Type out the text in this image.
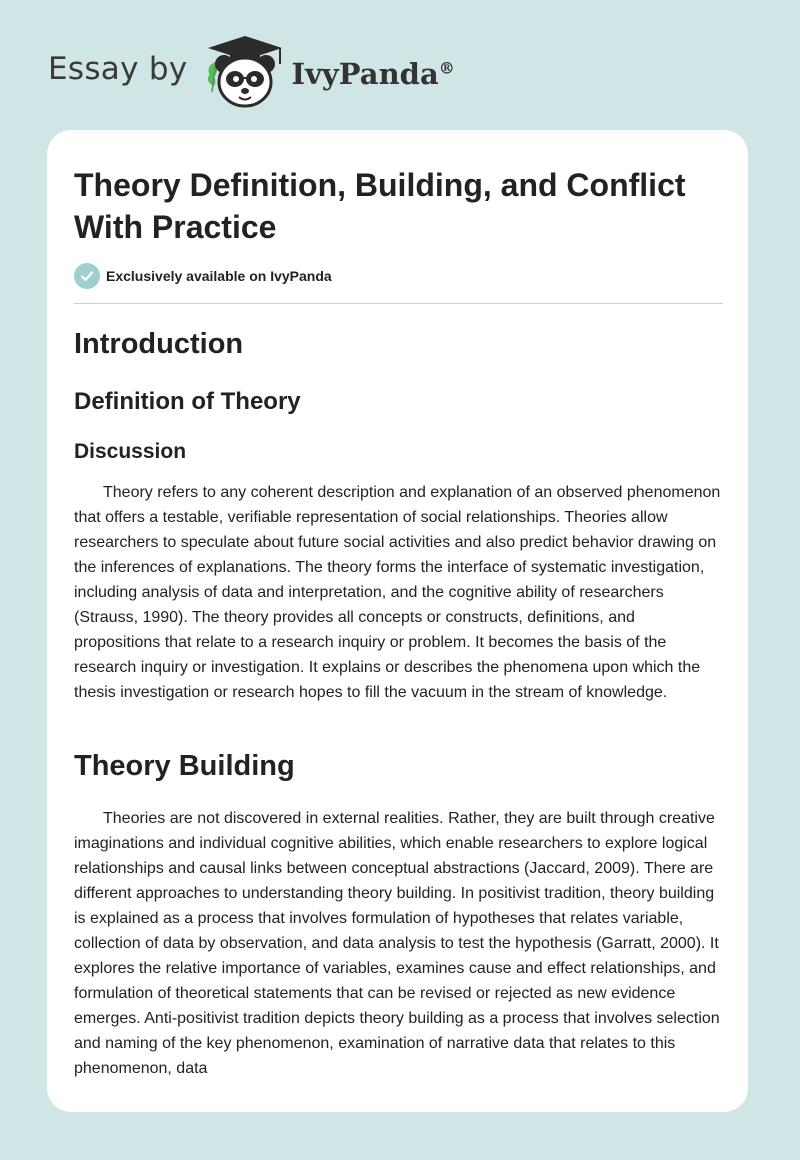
Essay by	IvyPanda®
Theory Definition, Building, and Conflict With Practice
Exclusively available on IvyPanda
Introduction
Definition of Theory
Discussion

Theory refers to any coherent description and explanation of an observed phenomenon that offers a testable, verifiable representation of social relationships. Theories allow researchers to speculate about future social activities and also predict behavior drawing on the inferences of explanations. The theory forms the interface of systematic investigation, including analysis of data and interpretation, and the cognitive ability of researchers (Strauss, 1990). The theory provides all concepts or constructs, definitions, and propositions that relate to a research inquiry or problem. It becomes the basis of the research inquiry or investigation. It explains or describes the phenomena upon which the thesis investigation or research hopes to fill the vacuum in the stream of knowledge.

Theory Building

Theories are not discovered in external realities. Rather, they are built through creative imaginations and individual cognitive abilities, which enable researchers to explore logical relationships and causal links between conceptual abstractions (Jaccard, 2009). There are different approaches to understanding theory building. In positivist tradition, theory building is explained as a process that involves formulation of hypotheses that relates variable, collection of data by observation, and data analysis to test the hypothesis (Garratt, 2000). It explores the relative importance of variables, examines cause and effect relationships, and formulation of theoretical statements that can be revised or rejected as new evidence emerges. Anti-positivist tradition depicts theory building as a process that involves selection and naming of the key phenomenon, examination of narrative data that relates to this phenomenon, data
